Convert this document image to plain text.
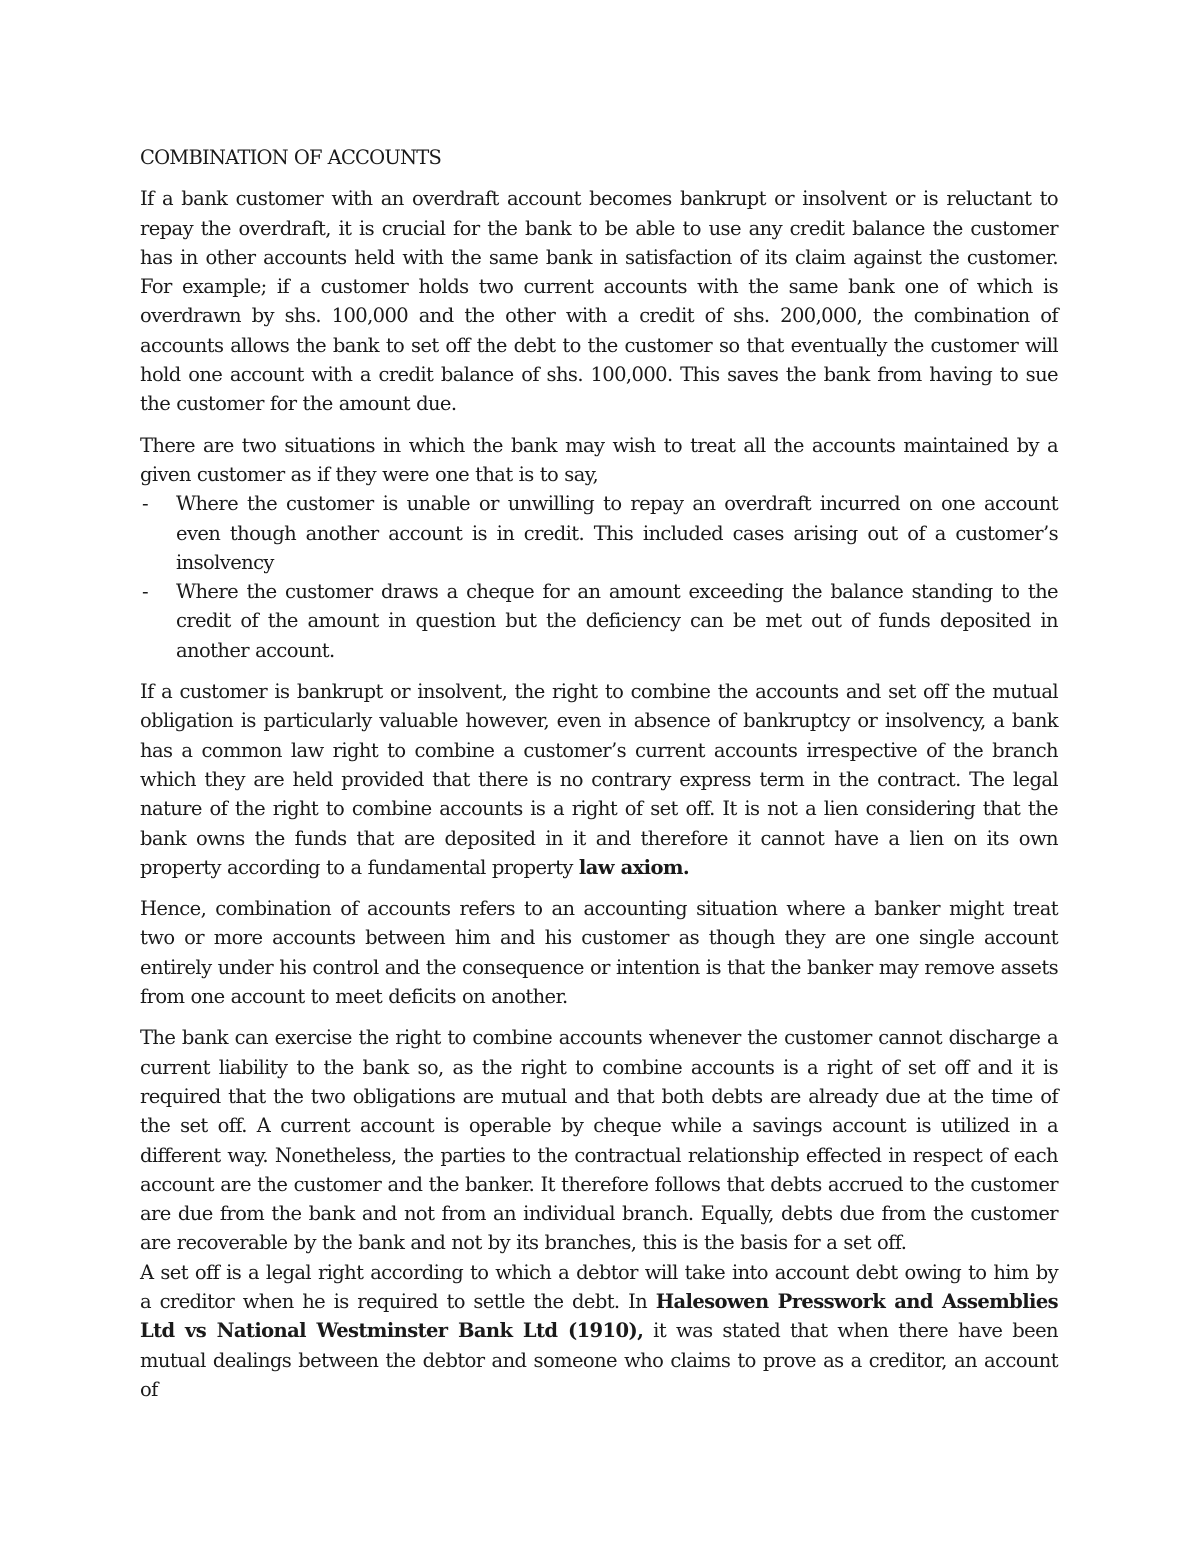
COMBINATION OF ACCOUNTS

If a bank customer with an overdraft account becomes bankrupt or insolvent or is reluctant to repay the overdraft, it is crucial for the bank to be able to use any credit balance the customer has in other accounts held with the same bank in satisfaction of its claim against the customer. For example; if a customer holds two current accounts with the same bank one of which is overdrawn by shs. 100,000 and the other with a credit of shs. 200,000, the combination of accounts allows the bank to set off the debt to the customer so that eventually the customer will hold one account with a credit balance of shs. 100,000. This saves the bank from having to sue the customer for the amount due.

There are two situations in which the bank may wish to treat all the accounts maintained by a given customer as if they were one that is to say,

- Where the customer is unable or unwilling to repay an overdraft incurred on one account even though another account is in credit. This included cases arising out of a customer’s insolvency
- Where the customer draws a cheque for an amount exceeding the balance standing to the credit of the amount in question but the deficiency can be met out of funds deposited in another account.

If a customer is bankrupt or insolvent, the right to combine the accounts and set off the mutual obligation is particularly valuable however, even in absence of bankruptcy or insolvency, a bank has a common law right to combine a customer’s current accounts irrespective of the branch which they are held provided that there is no contrary express term in the contract. The legal nature of the right to combine accounts is a right of set off. It is not a lien considering that the bank owns the funds that are deposited in it and therefore it cannot have a lien on its own property according to a fundamental property law axiom.

Hence, combination of accounts refers to an accounting situation where a banker might treat two or more accounts between him and his customer as though they are one single account entirely under his control and the consequence or intention is that the banker may remove assets from one account to meet deficits on another.

The bank can exercise the right to combine accounts whenever the customer cannot discharge a current liability to the bank so, as the right to combine accounts is a right of set off and it is required that the two obligations are mutual and that both debts are already due at the time of the set off. A current account is operable by cheque while a savings account is utilized in a different way. Nonetheless, the parties to the contractual relationship effected in respect of each account are the customer and the banker. It therefore follows that debts accrued to the customer are due from the bank and not from an individual branch. Equally, debts due from the customer are recoverable by the bank and not by its branches, this is the basis for a set off.

A set off is a legal right according to which a debtor will take into account debt owing to him by a creditor when he is required to settle the debt. In Halesowen Presswork and Assemblies Ltd vs National Westminster Bank Ltd (1910), it was stated that when there have been mutual dealings between the debtor and someone who claims to prove as a creditor, an account of
